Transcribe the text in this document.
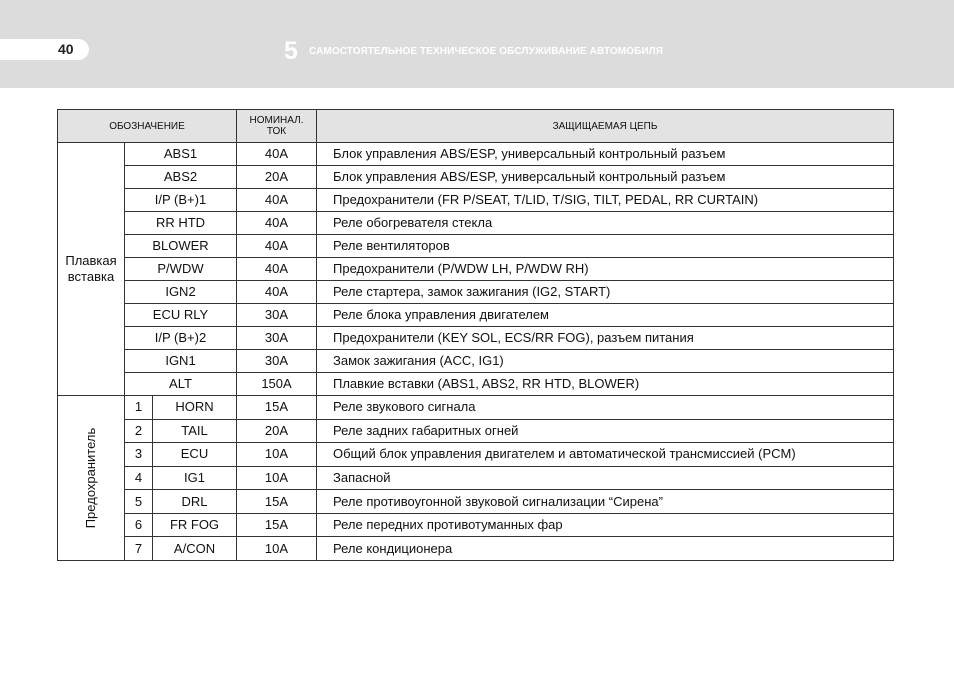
40	5 САМОСТОЯТЕЛЬНОЕ ТЕХНИЧЕСКОЕ ОБСЛУЖИВАНИЕ АВТОМОБИЛЯ
ОБОЗНАЧЕНИЕ			НОМИНАЛ.
ТОК	ЗАЩИЩАЕМАЯ ЦЕПЬ
Плавкая вставка	ABS1		40A	Блок управления ABS/ESP, универсальный контрольный разъем
	ABS2		20A	Блок управления ABS/ESP, универсальный контрольный разъем
	I/P (B+)1		40A	Предохранители (FR P/SEAT, T/LID, T/SIG, TILT, PEDAL, RR CURTAIN)
	RR HTD		40A	Реле обогревателя стекла
	BLOWER		40A	Реле вентиляторов
	P/WDW		40A	Предохранители (P/WDW LH, P/WDW RH)
	IGN2		40A	Реле стартера, замок зажигания (IG2, START)
	ECU RLY		30A	Реле блока управления двигателем
	I/P (B+)2		30A	Предохранители (KEY SOL, ECS/RR FOG), разъем питания
	IGN1		30A	Замок зажигания (ACC, IG1)
	ALT		150A	Плавкие вставки (ABS1, ABS2, RR HTD, BLOWER)

Предохранитель	1	HORN	15A	Реле звукового сигнала
	2	TAIL	20A	Реле задних габаритных огней
	3	ECU	10A	Общий блок управления двигателем и автоматической трансмиссией (PCM)
	4	IG1	10A	Запасной
	5	DRL	15A	Реле противоугонной звуковой сигнализации “Сирена”
	6	FR FOG	15A	Реле передних противотуманных фар
	7	A/CON	10A	Реле кондиционера
